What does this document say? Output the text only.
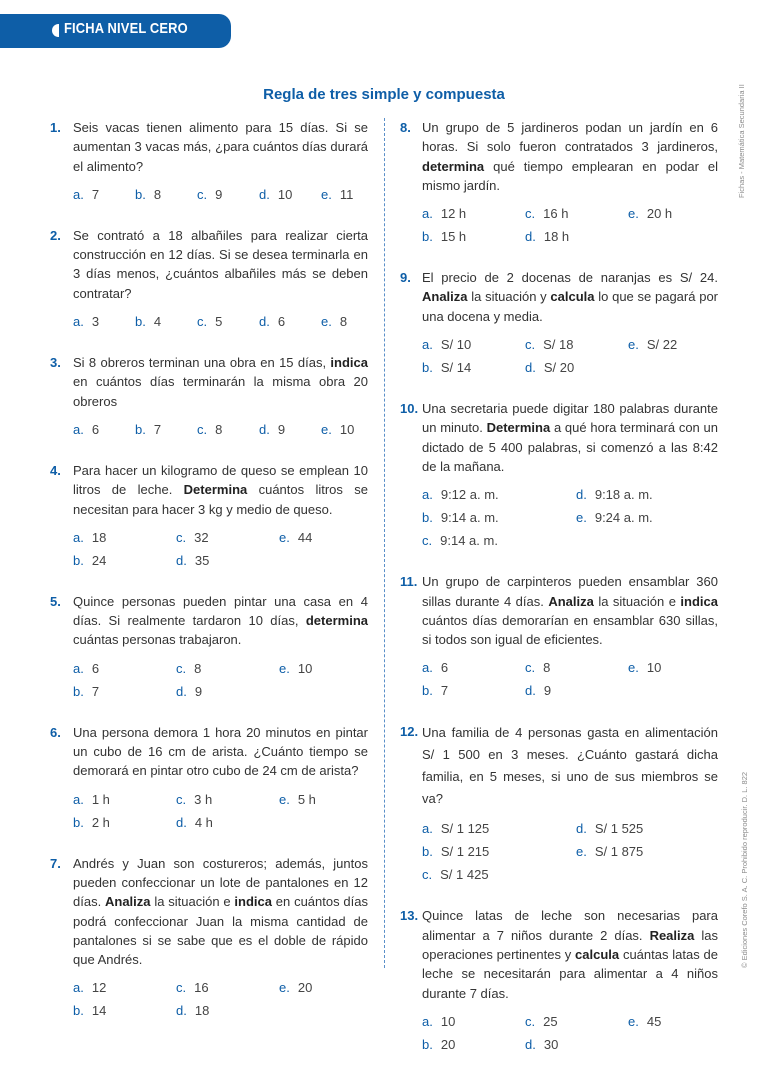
FICHA NIVEL CERO
Regla de tres simple y compuesta	Fichas - Matemática Secundaria II
© Ediciones Corefo S. A. C. Prohibido reproducir. D. L. 822
1. Seis vacas tienen alimento para 15 días. Si se aumentan 3 vacas más, ¿para cuántos días durará el alimento?

a. 7	b. 8	c. 9	d. 10	e. 11
2. Se contrató a 18 albañiles para realizar cierta construcción en 12 días. Si se desea terminarla en 3 días menos, ¿cuántos albañiles más se deben contratar?

a. 3	b. 4	c. 5	d. 6	e. 8
3. Si 8 obreros terminan una obra en 15 días, indica en cuántos días terminarán la misma obra 20 obreros

a. 6	b. 7	c. 8	d. 9	e. 10
4. Para hacer un kilogramo de queso se emplean 10 litros de leche. Determina cuántos litros se necesitan para hacer 3 kg y medio de queso.

a. 18
b. 24
c. 32
d. 35
e. 44
5. Quince personas pueden pintar una casa en 4 días. Si realmente tardaron 10 días, determina cuántas personas trabajaron.

a. 6
b. 7
c. 8
d. 9
e. 10
6. Una persona demora 1 hora 20 minutos en pintar un cubo de 16 cm de arista. ¿Cuánto tiempo se demorará en pintar otro cubo de 24 cm de arista?

a. 1 h
b. 2 h
c. 3 h
d. 4 h
e. 5 h
7. Andrés y Juan son costureros; además, juntos pueden confeccionar un lote de pantalones en 12 días. Analiza la situación e indica en cuántos días podrá confeccionar Juan la misma cantidad de pantalones si se sabe que es el doble de rápido que Andrés.

a. 12
b. 14
c. 16
d. 18
e. 20
8. Un grupo de 5 jardineros podan un jardín en 6 horas. Si solo fueron contratados 3 jardineros, determina qué tiempo emplearan en podar el mismo jardín.

a. 12 h
b. 15 h
c. 16 h
d. 18 h
e. 20 h
9. El precio de 2 docenas de naranjas es S/ 24. Analiza la situación y calcula lo que se pagará por una docena y media.

a. S/ 10
b. S/ 14
c. S/ 18
d. S/ 20
e. S/ 22
10. Una secretaria puede digitar 180 palabras durante un minuto. Determina a qué hora terminará con un dictado de 5 400 palabras, si comenzó a las 8:42 de la mañana.

a. 9:12 a. m.
b. 9:14 a. m.
c. 9:14 a. m.
d. 9:18 a. m.
e. 9:24 a. m.
11. Un grupo de carpinteros pueden ensamblar 360 sillas durante 4 días. Analiza la situación e indica cuántos días demorarían en ensamblar 630 sillas, si todos son igual de eficientes.

a. 6
b. 7
c. 8
d. 9
e. 10
12. Una familia de 4 personas gasta en alimentación S/ 1 500 en 3 meses. ¿Cuánto gastará dicha familia, en 5 meses, si uno de sus miembros se va?

a. S/ 1 125
b. S/ 1 215
c. S/ 1 425
d. S/ 1 525
e. S/ 1 875
13. Quince latas de leche son necesarias para alimentar a 7 niños durante 2 días. Realiza las operaciones pertinentes y calcula cuántas latas de leche se necesitarán para alimentar a 4 niños durante 7 días.

a. 10
b. 20
c. 25
d. 30
e. 45
